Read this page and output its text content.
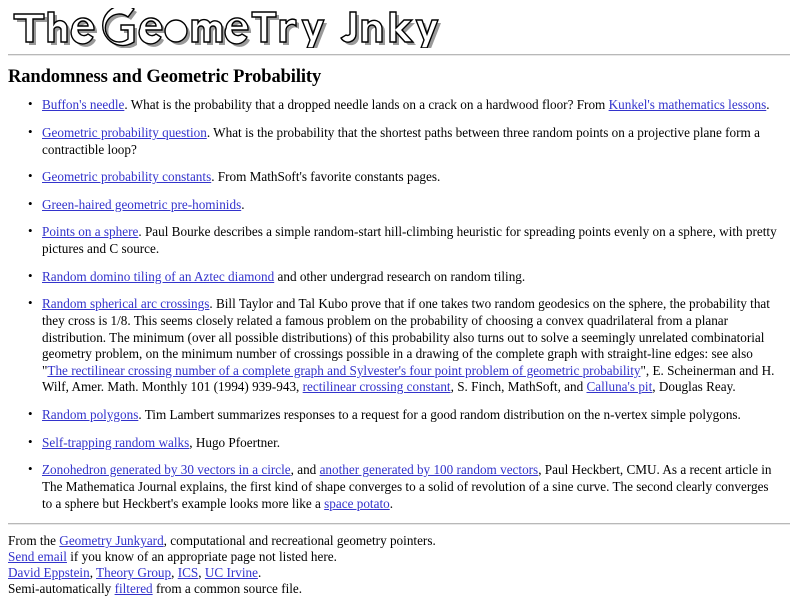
Randomness and Geometric Probability
• Buffon's needle. What is the probability that a dropped needle lands on a crack on a hardwood floor? From Kunkel's mathematics lessons.
• Geometric probability question. What is the probability that the shortest paths between three random points on a projective plane form a contractible loop?
• Geometric probability constants. From MathSoft's favorite constants pages.
• Green-haired geometric pre-hominids.
• Points on a sphere. Paul Bourke describes a simple random-start hill-climbing heuristic for spreading points evenly on a sphere, with pretty pictures and C source.
• Random domino tiling of an Aztec diamond and other undergrad research on random tiling.
• Random spherical arc crossings. Bill Taylor and Tal Kubo prove that if one takes two random geodesics on the sphere, the probability that they cross is 1/8. This seems closely related a famous problem on the probability of choosing a convex quadrilateral from a planar distribution. The minimum (over all possible distributions) of this probability also turns out to solve a seemingly unrelated combinatorial geometry problem, on the minimum number of crossings possible in a drawing of the complete graph with straight-line edges: see also "The rectilinear crossing number of a complete graph and Sylvester's four point problem of geometric probability", E. Scheinerman and H. Wilf, Amer. Math. Monthly 101 (1994) 939-943, rectilinear crossing constant, S. Finch, MathSoft, and Calluna's pit, Douglas Reay.
• Random polygons. Tim Lambert summarizes responses to a request for a good random distribution on the n-vertex simple polygons.
• Self-trapping random walks, Hugo Pfoertner.
• Zonohedron generated by 30 vectors in a circle, and another generated by 100 random vectors, Paul Heckbert, CMU. As a recent article in The Mathematica Journal explains, the first kind of shape converges to a solid of revolution of a sine curve. The second clearly converges to a sphere but Heckbert's example looks more like a space potato.
From the Geometry Junkyard, computational and recreational geometry pointers.
Send email if you know of an appropriate page not listed here.
David Eppstein, Theory Group, ICS, UC Irvine.
Semi-automatically filtered from a common source file.
